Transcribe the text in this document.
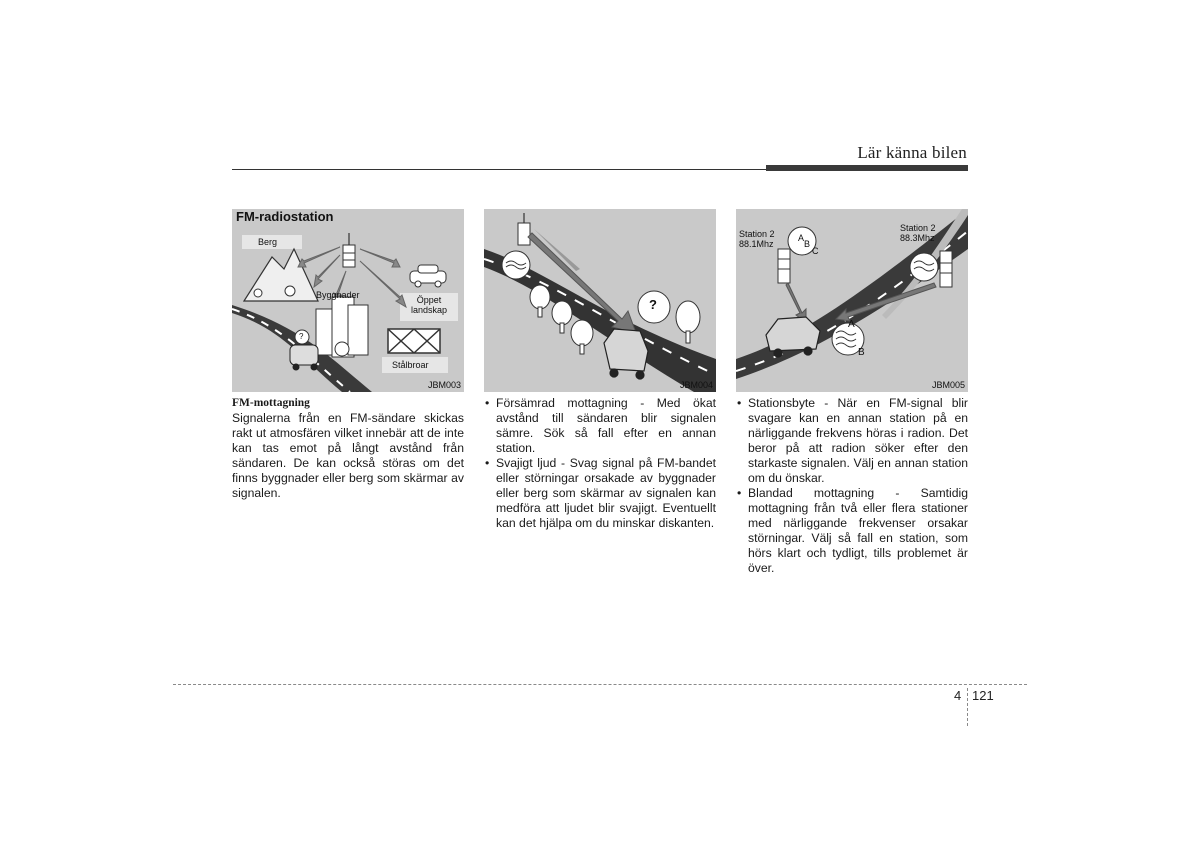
Lär känna bilen
FM-radiostation
Berg
Byggnader	Öppet landskap
Stålbroar
?
JBM003
?
JBM004
Station 2
88.1Mhz
Station 2
88.3Mhz
A
B
C
A
B
JBM005
FM-mottagning
Signalerna från en FM-sändare skickas rakt ut atmosfären vilket innebär att de inte kan tas emot på långt avstånd från sändaren. De kan också störas om det finns byggnader eller berg som skärmar av signalen.
• Försämrad mottagning - Med ökat avstånd till sändaren blir signalen sämre. Sök så fall efter en annan station.
• Svajigt ljud - Svag signal på FM-bandet eller störningar orsakade av byggnader eller berg som skärmar av signalen kan medföra att ljudet blir svajigt. Eventuellt kan det hjälpa om du minskar diskanten.
• Stationsbyte - När en FM-signal blir svagare kan en annan station på en närliggande frekvens höras i radion. Det beror på att radion söker efter den starkaste signalen. Välj en annan station om du önskar.
• Blandad mottagning - Samtidig mottagning från två eller flera stationer med närliggande frekvenser orsakar störningar. Välj så fall en station, som hörs klart och tydligt, tills problemet är över.
4 121
